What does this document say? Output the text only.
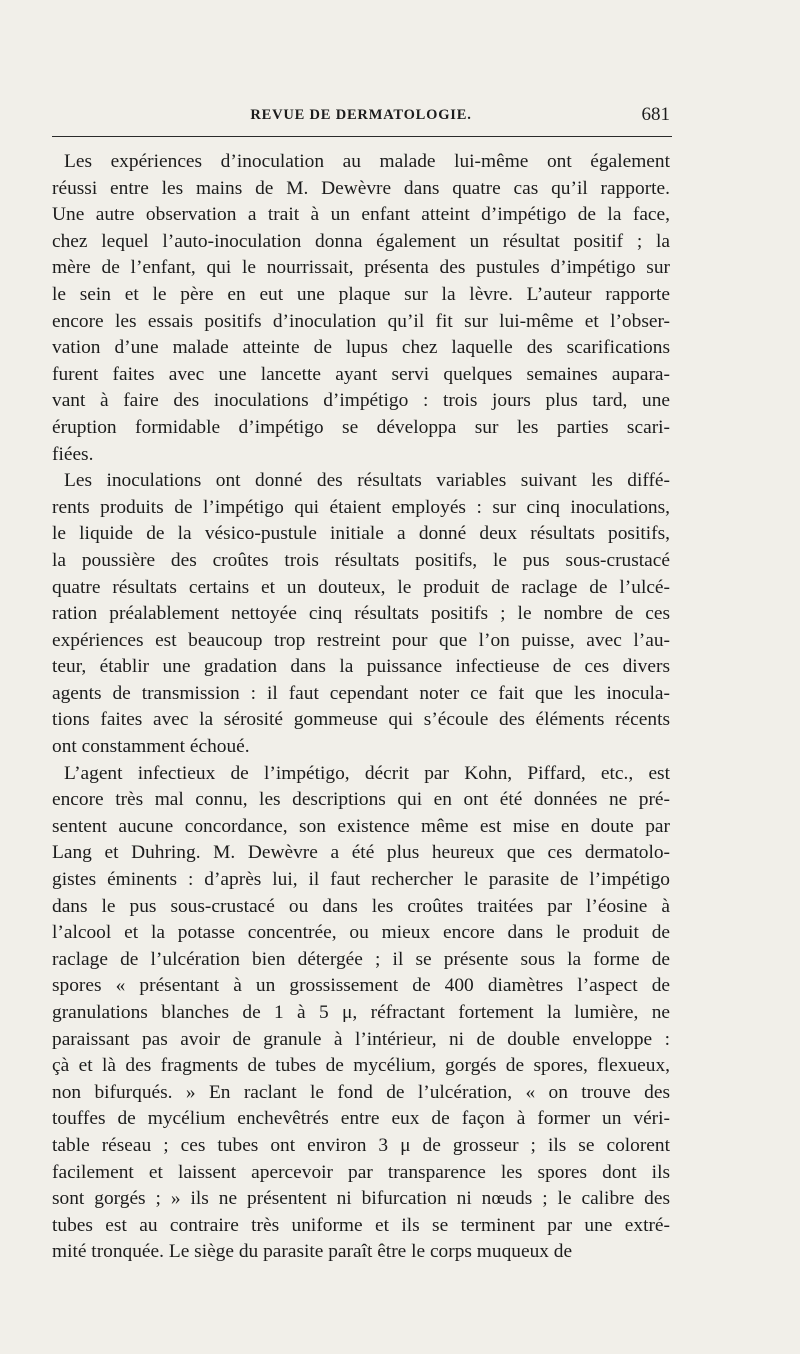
REVUE DE DERMATOLOGIE.	681
Les expériences d’inoculation au malade lui-même ont également
réussi entre les mains de M. Dewèvre dans quatre cas qu’il rapporte.
Une autre observation a trait à un enfant atteint d’impétigo de la face,
chez lequel l’auto-inoculation donna également un résultat positif ; la
mère de l’enfant, qui le nourrissait, présenta des pustules d’impétigo sur
le sein et le père en eut une plaque sur la lèvre. L’auteur rapporte
encore les essais positifs d’inoculation qu’il fit sur lui-même et l’obser-
vation d’une malade atteinte de lupus chez laquelle des scarifications
furent faites avec une lancette ayant servi quelques semaines aupara-
vant à faire des inoculations d’impétigo : trois jours plus tard, une
éruption formidable d’impétigo se développa sur les parties scari-
fiées.
Les inoculations ont donné des résultats variables suivant les diffé-
rents produits de l’impétigo qui étaient employés : sur cinq inoculations,
le liquide de la vésico-pustule initiale a donné deux résultats positifs,
la poussière des croûtes trois résultats positifs, le pus sous-crustacé
quatre résultats certains et un douteux, le produit de raclage de l’ulcé-
ration préalablement nettoyée cinq résultats positifs ; le nombre de ces
expériences est beaucoup trop restreint pour que l’on puisse, avec l’au-
teur, établir une gradation dans la puissance infectieuse de ces divers
agents de transmission : il faut cependant noter ce fait que les inocula-
tions faites avec la sérosité gommeuse qui s’écoule des éléments récents
ont constamment échoué.
L’agent infectieux de l’impétigo, décrit par Kohn, Piffard, etc., est
encore très mal connu, les descriptions qui en ont été données ne pré-
sentent aucune concordance, son existence même est mise en doute par
Lang et Duhring. M. Dewèvre a été plus heureux que ces dermatolo-
gistes éminents : d’après lui, il faut rechercher le parasite de l’impétigo
dans le pus sous-crustacé ou dans les croûtes traitées par l’éosine à
l’alcool et la potasse concentrée, ou mieux encore dans le produit de
raclage de l’ulcération bien détergée ; il se présente sous la forme de
spores « présentant à un grossissement de 400 diamètres l’aspect de
granulations blanches de 1 à 5 μ, réfractant fortement la lumière, ne
paraissant pas avoir de granule à l’intérieur, ni de double enveloppe :
çà et là des fragments de tubes de mycélium, gorgés de spores, flexueux,
non bifurqués. » En raclant le fond de l’ulcération, « on trouve des
touffes de mycélium enchevêtrés entre eux de façon à former un véri-
table réseau ; ces tubes ont environ 3 μ de grosseur ; ils se colorent
facilement et laissent apercevoir par transparence les spores dont ils
sont gorgés ; » ils ne présentent ni bifurcation ni nœuds ; le calibre des
tubes est au contraire très uniforme et ils se terminent par une extré-
mité tronquée. Le siège du parasite paraît être le corps muqueux de
